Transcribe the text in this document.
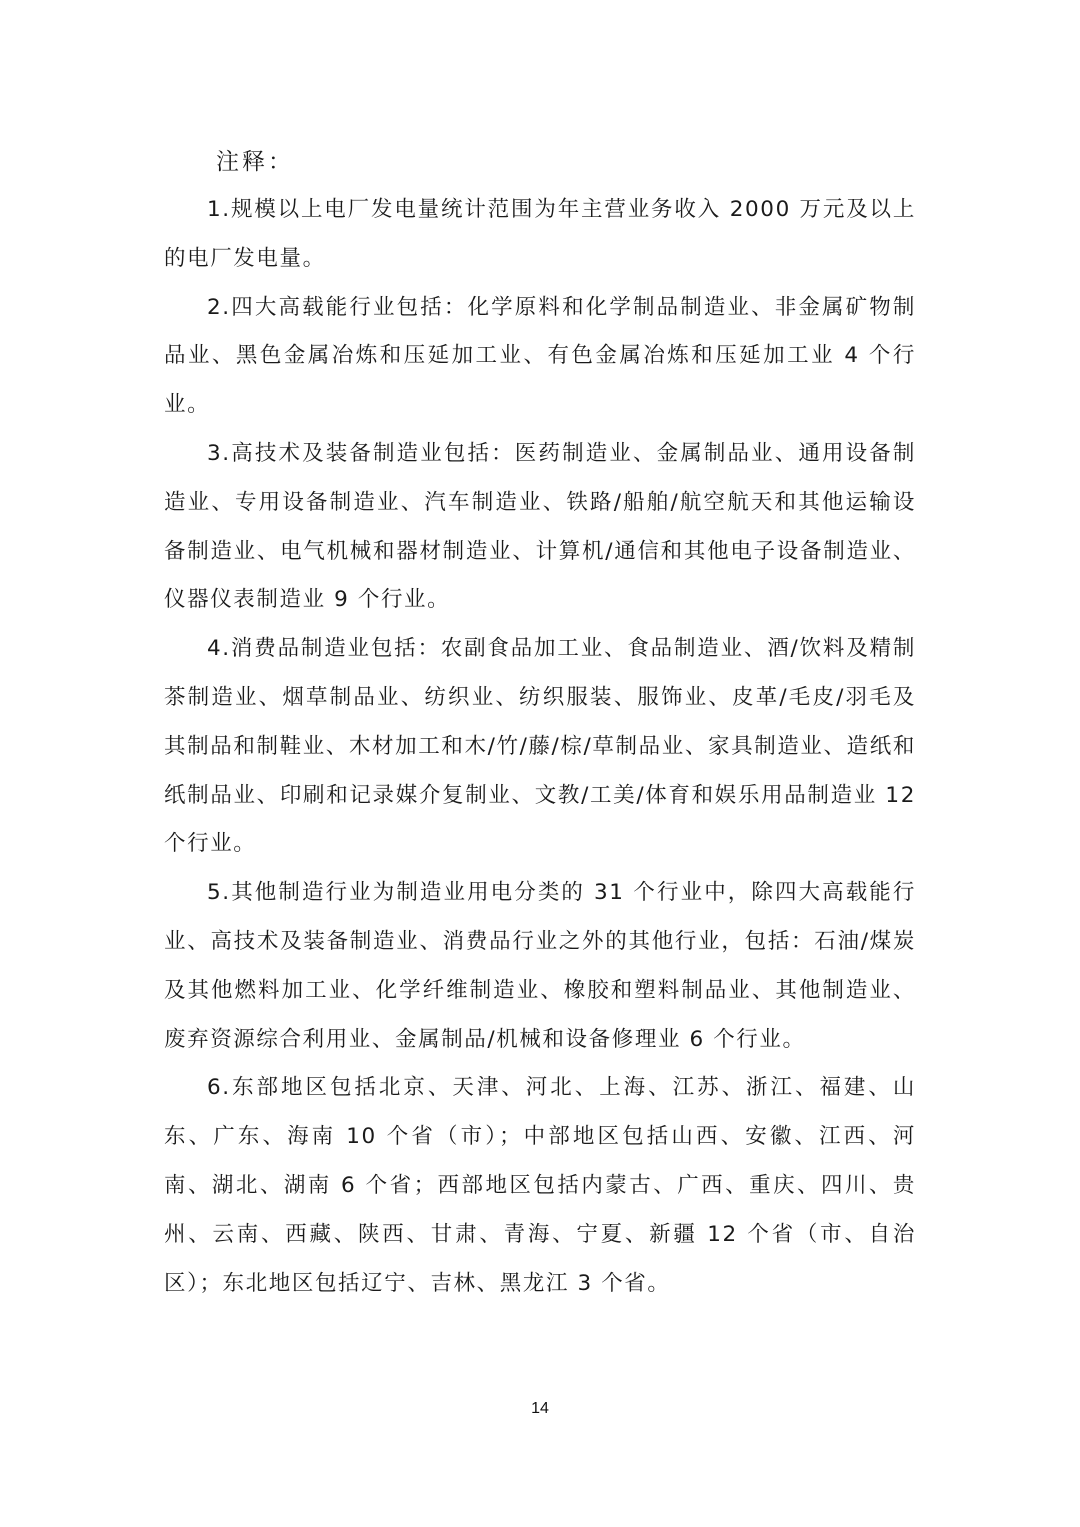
注释：

1.规模以上电厂发电量统计范围为年主营业务收入 2000 万元及以上的电厂发电量。

2.四大高载能行业包括：化学原料和化学制品制造业、非金属矿物制品业、黑色金属冶炼和压延加工业、有色金属冶炼和压延加工业 4 个行业。

3.高技术及装备制造业包括：医药制造业、金属制品业、通用设备制造业、专用设备制造业、汽车制造业、铁路/船舶/航空航天和其他运输设备制造业、电气机械和器材制造业、计算机/通信和其他电子设备制造业、仪器仪表制造业 9 个行业。

4.消费品制造业包括：农副食品加工业、食品制造业、酒/饮料及精制茶制造业、烟草制品业、纺织业、纺织服装、服饰业、皮革/毛皮/羽毛及其制品和制鞋业、木材加工和木/竹/藤/棕/草制品业、家具制造业、造纸和纸制品业、印刷和记录媒介复制业、文教/工美/体育和娱乐用品制造业 12 个行业。

5.其他制造行业为制造业用电分类的 31 个行业中，除四大高载能行业、高技术及装备制造业、消费品行业之外的其他行业，包括：石油/煤炭及其他燃料加工业、化学纤维制造业、橡胶和塑料制品业、其他制造业、废弃资源综合利用业、金属制品/机械和设备修理业 6 个行业。

6.东部地区包括北京、天津、河北、上海、江苏、浙江、福建、山东、广东、海南 10 个省（市）；中部地区包括山西、安徽、江西、河南、湖北、湖南 6 个省；西部地区包括内蒙古、广西、重庆、四川、贵州、云南、西藏、陕西、甘肃、青海、宁夏、新疆 12 个省（市、自治区）；东北地区包括辽宁、吉林、黑龙江 3 个省。

14
